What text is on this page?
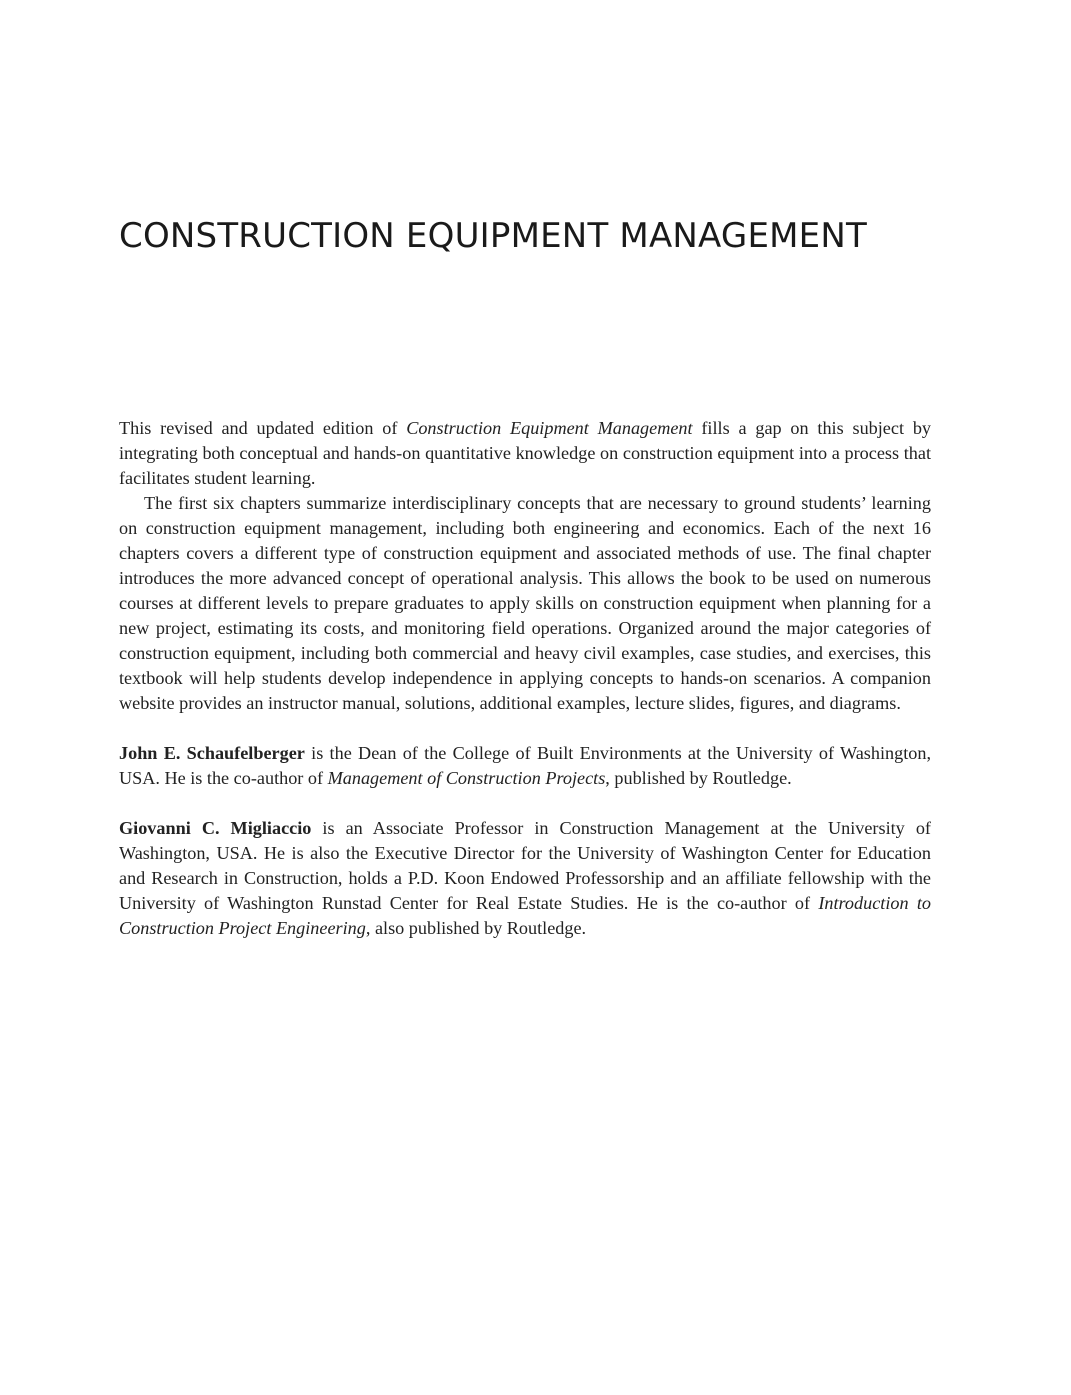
CONSTRUCTION EQUIPMENT MANAGEMENT

This revised and updated edition of Construction Equipment Management fills a gap on this subject by integrating both conceptual and hands-on quantitative knowledge on construction equipment into a process that facilitates student learning.

The first six chapters summarize interdisciplinary concepts that are necessary to ground students’ learning on construction equipment management, including both engineering and economics. Each of the next 16 chapters covers a different type of construction equipment and associated methods of use. The final chapter introduces the more advanced concept of operational analysis. This allows the book to be used on numerous courses at different levels to prepare graduates to apply skills on construction equipment when planning for a new project, estimating its costs, and monitoring field operations. Organized around the major categories of construction equipment, including both commercial and heavy civil examples, case studies, and exercises, this textbook will help students develop independence in applying concepts to hands-on scenarios. A companion website provides an instructor manual, solutions, additional examples, lecture slides, figures, and diagrams.

John E. Schaufelberger is the Dean of the College of Built Environments at the University of Washington, USA. He is the co-author of Management of Construction Projects, published by Routledge.

Giovanni C. Migliaccio is an Associate Professor in Construction Management at the University of Washington, USA. He is also the Executive Director for the University of Washington Center for Education and Research in Construction, holds a P.D. Koon Endowed Professorship and an affiliate fellowship with the University of Washington Runstad Center for Real Estate Studies. He is the co-author of Introduction to Construction Project Engineering, also published by Routledge.
